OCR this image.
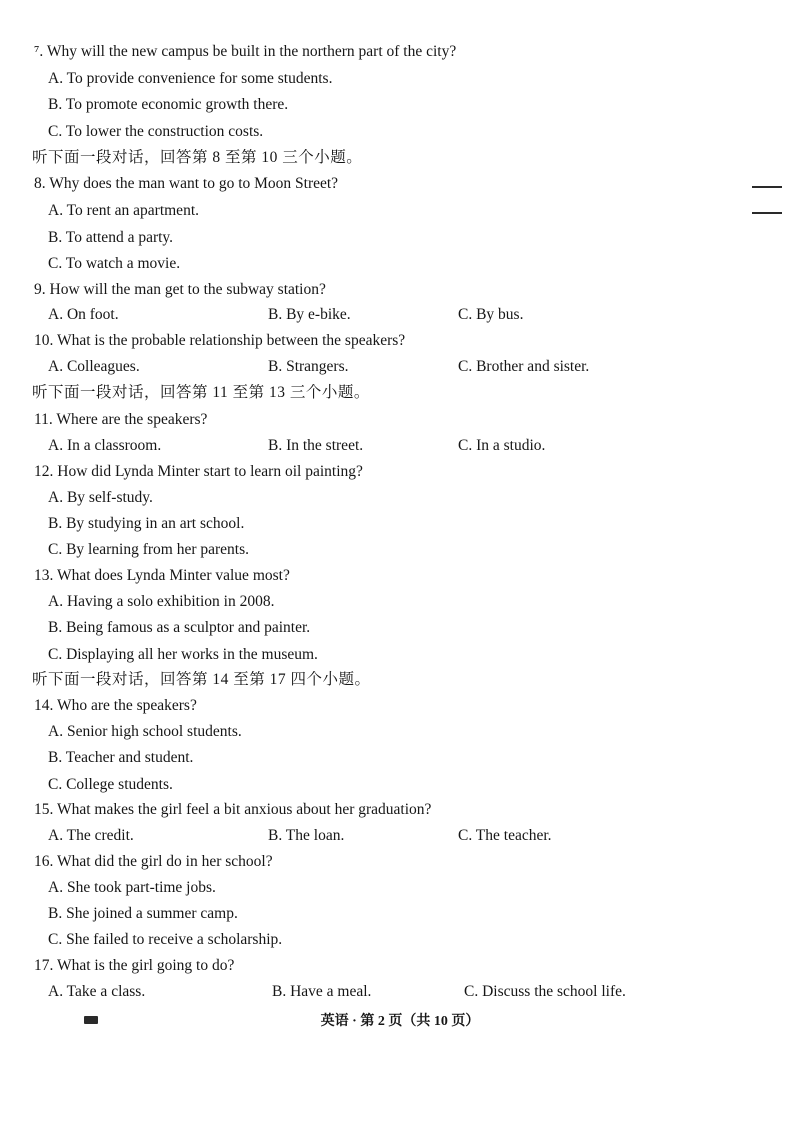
⁷. Why will the new campus be built in the northern part of the city?
A. To provide convenience for some students.
B. To promote economic growth there.
C. To lower the construction costs.
听下面一段对话，回答第 8 至第 10 三个小题。
8. Why does the man want to go to Moon Street?
A. To rent an apartment.
B. To attend a party.
C. To watch a movie.
9. How will the man get to the subway station?
A. On foot.	B. By e-bike.	C. By bus.
10. What is the probable relationship between the speakers?
A. Colleagues.	B. Strangers.	C. Brother and sister.
听下面一段对话，回答第 11 至第 13 三个小题。
11. Where are the speakers?
A. In a classroom.	B. In the street.	C. In a studio.
12. How did Lynda Minter start to learn oil painting?
A. By self-study.
B. By studying in an art school.
C. By learning from her parents.
13. What does Lynda Minter value most?
A. Having a solo exhibition in 2008.
B. Being famous as a sculptor and painter.
C. Displaying all her works in the museum.
听下面一段对话，回答第 14 至第 17 四个小题。
14. Who are the speakers?
A. Senior high school students.
B. Teacher and student.
C. College students.
15. What makes the girl feel a bit anxious about her graduation?
A. The credit.	B. The loan.	C. The teacher.
16. What did the girl do in her school?
A. She took part-time jobs.
B. She joined a summer camp.
C. She failed to receive a scholarship.
17. What is the girl going to do?
A. Take a class.	B. Have a meal.	C. Discuss the school life.
英语 · 第 2 页（共 10 页）
